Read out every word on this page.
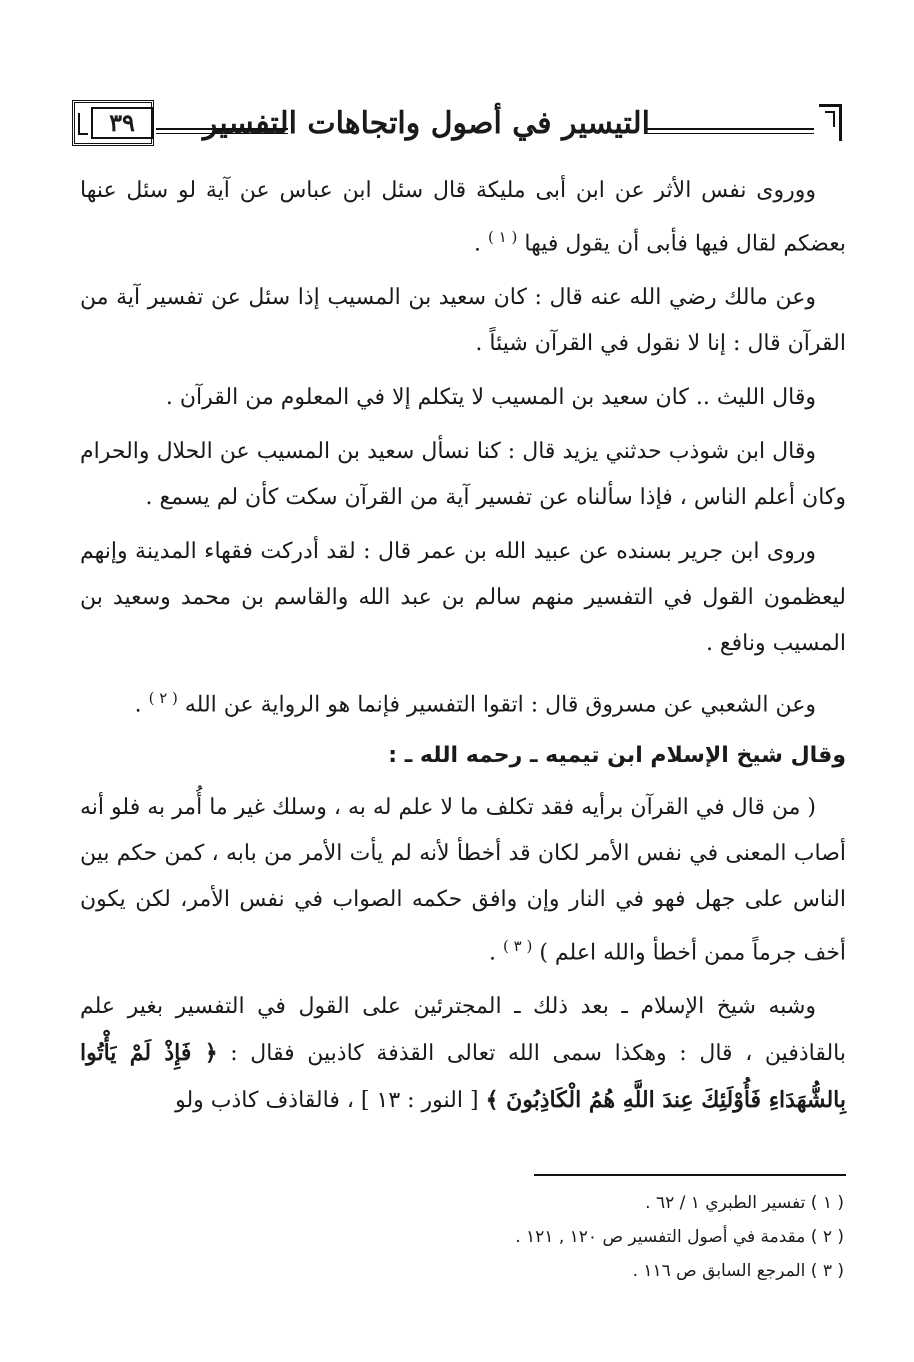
التيسير في أصول واتجاهات التفسير
٣٩

ووروى نفس الأثر عن ابن أبى مليكة قال سئل ابن عباس عن آية لو سئل عنها بعضكم لقال فيها فأبى أن يقول فيها $^{( ١ )}$ .

وعن مالك رضي الله عنه قال : كان سعيد بن المسيب إذا سئل عن تفسير آية من القرآن قال : إنا لا نقول في القرآن شيئاً .

وقال الليث .. كان سعيد بن المسيب لا يتكلم إلا في المعلوم من القرآن .

وقال ابن شوذب حدثني يزيد قال : كنا نسأل سعيد بن المسيب عن الحلال والحرام وكان أعلم الناس ، فإذا سألناه عن تفسير آية من القرآن سكت كأن لم يسمع .

وروى ابن جرير بسنده عن عبيد الله بن عمر قال : لقد أدركت فقهاء المدينة وإنهم ليعظمون القول في التفسير منهم سالم بن عبد الله والقاسم بن محمد وسعيد بن المسيب ونافع .

وعن الشعبي عن مسروق قال : اتقوا التفسير فإنما هو الرواية عن الله $^{( ٢ )}$ .

وقال شيخ الإسلام ابن تيميه ـ رحمه الله ـ :

( من قال في القرآن برأيه فقد تكلف ما لا علم له به ، وسلك غير ما أُمر به فلو أنه أصاب المعنى في نفس الأمر لكان قد أخطأ لأنه لم يأت الأمر من بابه ، كمن حكم بين الناس على جهل فهو في النار وإن وافق حكمه الصواب في نفس الأمر، لكن يكون أخف جرماً ممن أخطأ والله اعلم ) $^{( ٣ )}$ .

وشبه شيخ الإسلام ـ بعد ذلك ـ المجترئين على القول في التفسير بغير علم بالقاذفين ، قال : وهكذا سمى الله تعالى القذفة كاذبين فقال : ﴿ فَإِذْ لَمْ يَأْتُوا بِالشُّهَدَاءِ فَأُوْلَئِكَ عِندَ اللَّهِ هُمُ الْكَاذِبُونَ ﴾ [ النور : ١٣ ] ، فالقاذف كاذب ولو

( ١ ) تفسير الطبري ١ / ٦٢ .

( ٢ ) مقدمة في أصول التفسير ص ١٢٠ , ١٢١ .

( ٣ ) المرجع السابق ص ١١٦ .
